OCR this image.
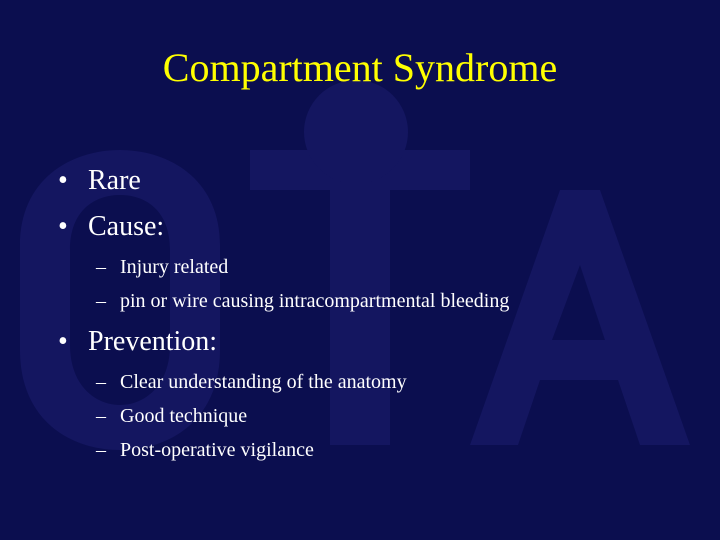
Compartment Syndrome
• Rare
• Cause:
– Injury related
– pin or wire causing intracompartmental bleeding
• Prevention:
– Clear understanding of the anatomy
– Good technique
– Post-operative vigilance
